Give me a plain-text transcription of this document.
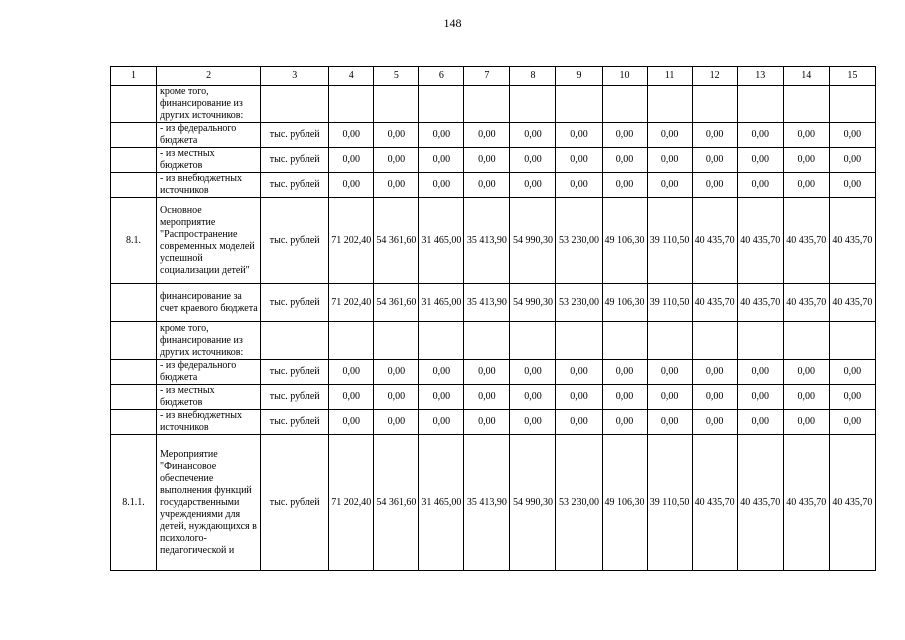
148
1	2	3	4	5	6	7	8	9	10	11	12	13	14	15
	кроме того, финансирование из других источников:													
	- из федерального бюджета	тыс. рублей	0,00	0,00	0,00	0,00	0,00	0,00	0,00	0,00	0,00	0,00	0,00	0,00
	- из местных бюджетов	тыс. рублей	0,00	0,00	0,00	0,00	0,00	0,00	0,00	0,00	0,00	0,00	0,00	0,00
	- из внебюджетных источников	тыс. рублей	0,00	0,00	0,00	0,00	0,00	0,00	0,00	0,00	0,00	0,00	0,00	0,00
8.1.	Основное мероприятие "Распространение современных моделей успешной социализации детей"	тыс. рублей	71 202,40	54 361,60	31 465,00	35 413,90	54 990,30	53 230,00	49 106,30	39 110,50	40 435,70	40 435,70	40 435,70	40 435,70
	финансирование за счет краевого бюджета	тыс. рублей	71 202,40	54 361,60	31 465,00	35 413,90	54 990,30	53 230,00	49 106,30	39 110,50	40 435,70	40 435,70	40 435,70	40 435,70
	кроме того, финансирование из других источников:													
	- из федерального бюджета	тыс. рублей	0,00	0,00	0,00	0,00	0,00	0,00	0,00	0,00	0,00	0,00	0,00	0,00
	- из местных бюджетов	тыс. рублей	0,00	0,00	0,00	0,00	0,00	0,00	0,00	0,00	0,00	0,00	0,00	0,00
	- из внебюджетных источников	тыс. рублей	0,00	0,00	0,00	0,00	0,00	0,00	0,00	0,00	0,00	0,00	0,00	0,00
8.1.1.	Мероприятие "Финансовое обеспечение выполнения функций государственными учреждениями для детей, нуждающихся в психолого-педагогической и	тыс. рублей	71 202,40	54 361,60	31 465,00	35 413,90	54 990,30	53 230,00	49 106,30	39 110,50	40 435,70	40 435,70	40 435,70	40 435,70
